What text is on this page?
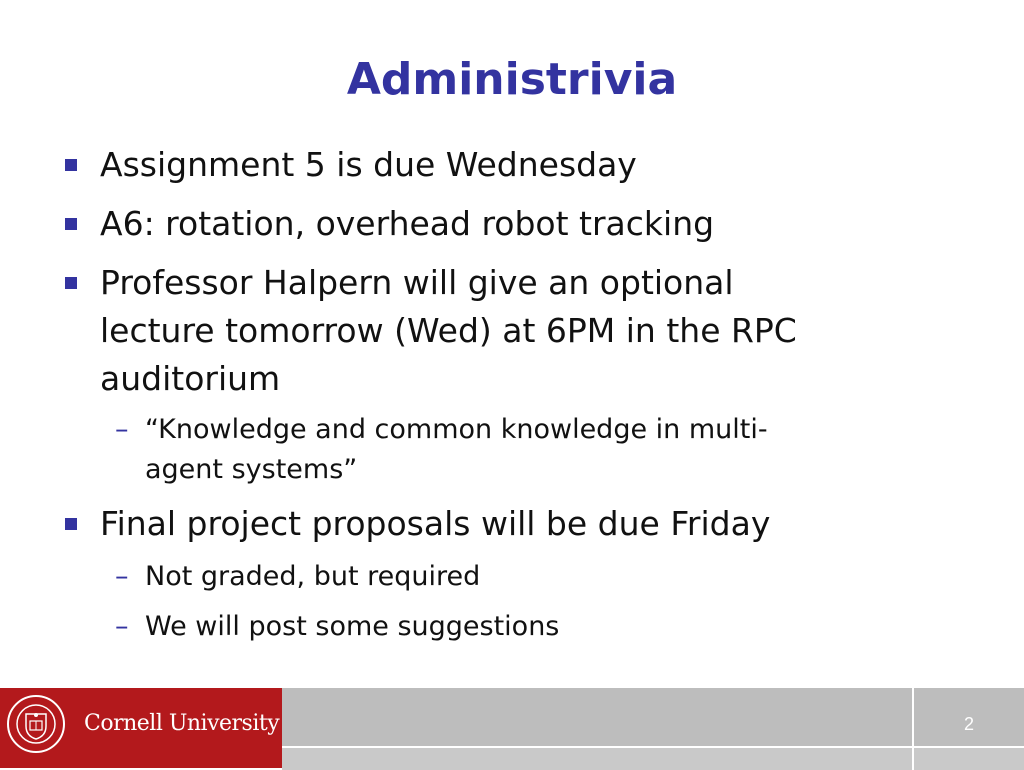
Administrivia
Assignment 5 is due Wednesday
A6: rotation, overhead robot tracking
Professor Halpern will give an optional
lecture tomorrow (Wed) at 6PM in the RPC
auditorium
– “Knowledge and common knowledge in multi-
agent systems”
Final project proposals will be due Friday
– Not graded, but required
– We will post some suggestions
Cornell University	2
